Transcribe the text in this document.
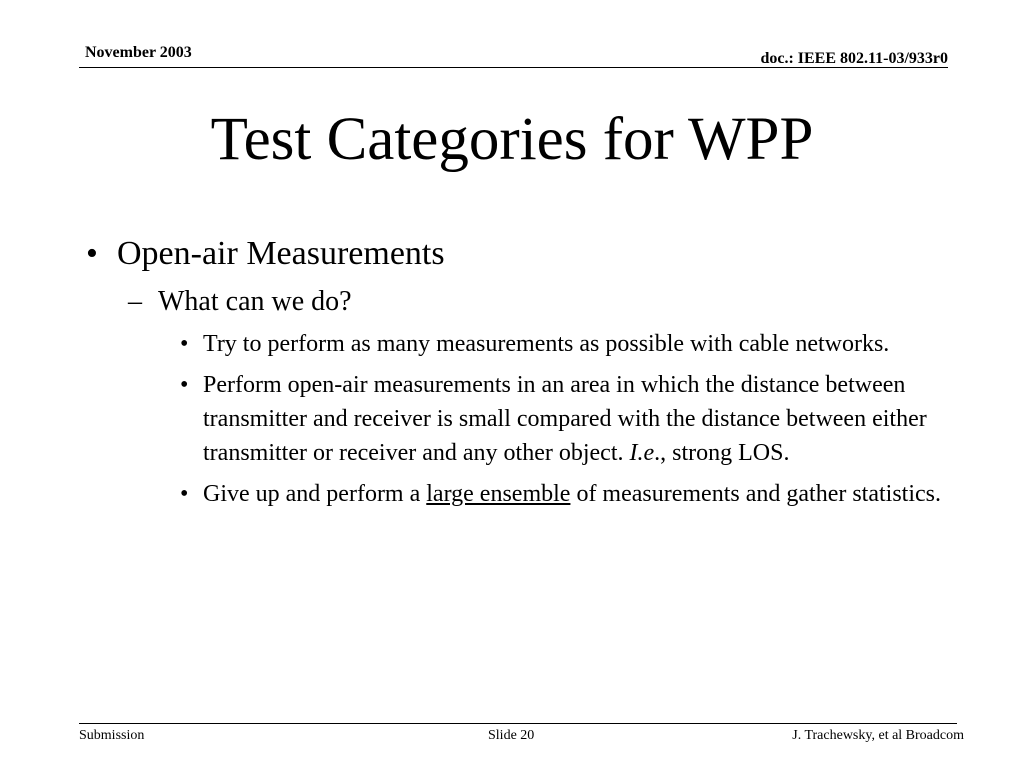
November 2003	doc.: IEEE 802.11-03/933r0
Test Categories for WPP
• Open-air Measurements
– What can we do?
• Try to perform as many measurements as possible with cable networks.
• Perform open-air measurements in an area in which the distance between transmitter and receiver is small compared with the distance between either transmitter or receiver and any other object. I.e., strong LOS.
• Give up and perform a large ensemble of measurements and gather statistics.
Submission	Slide 20	J. Trachewsky, et al Broadcom
